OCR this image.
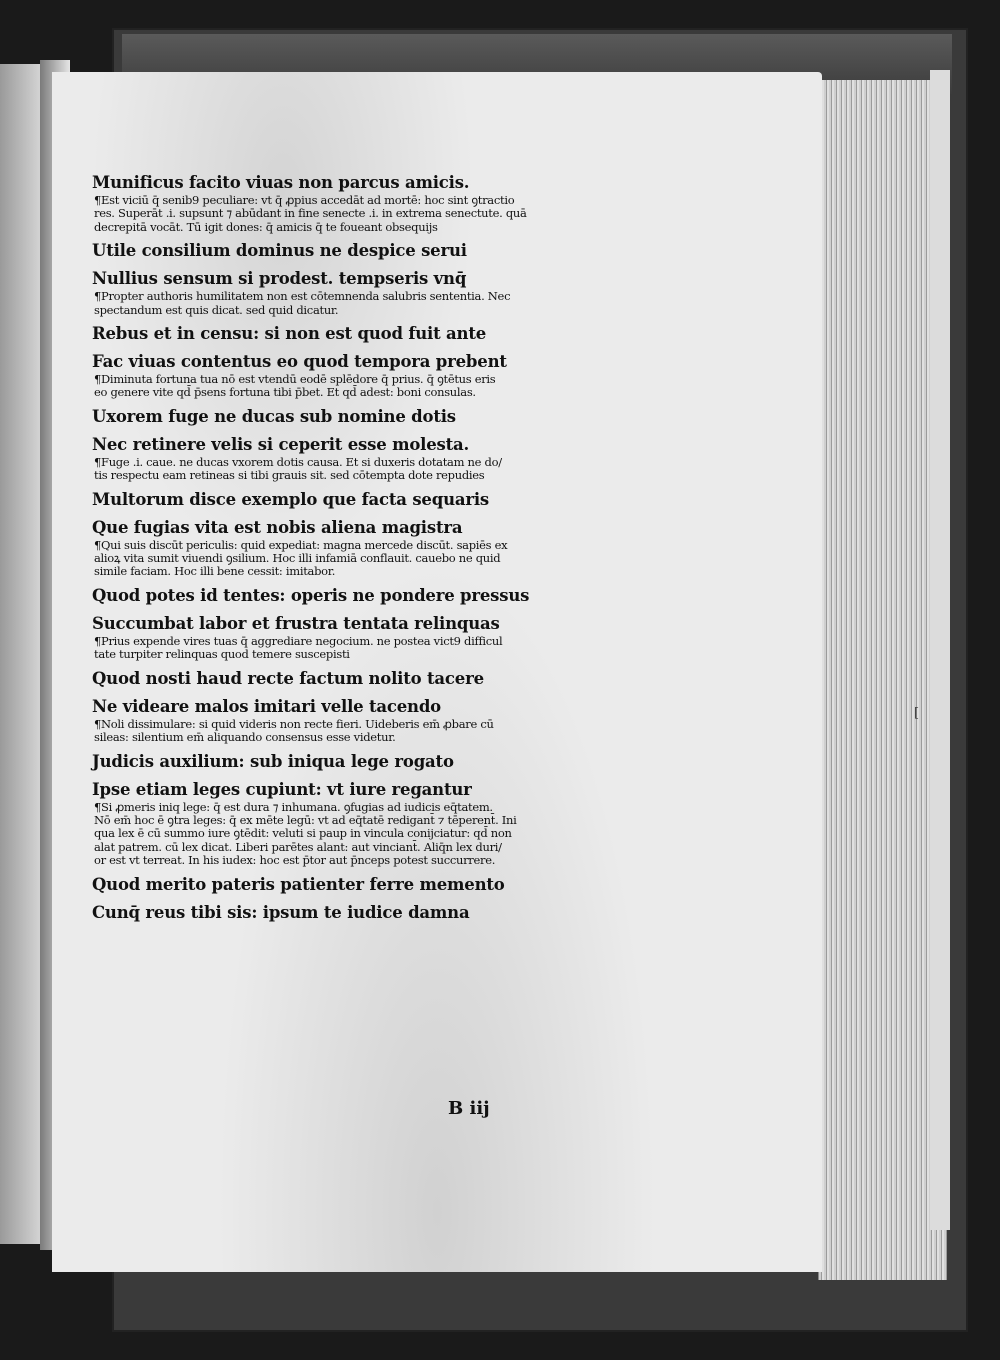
Munificus facito viuas non parcus amicis.
¶Est viciū q̄ senib9 peculiare: vt q̄ ꝓpius accedāt ad mortē: hoc sint ꝯtractio
res. Superāt .i. supsunt ⁊ abūdant in fine senecte .i. in extrema senectute. quā
decrepitā vocāt. Tū igit dones: q̄ amicis q̄ te foueant obsequijs
Utile consilium dominus ne despice serui
Nullius sensum si prodest. tempseris vnq̄
¶Propter authoris humilitatem non est cōtemnenda salubris sententia. Nec
spectandum est quis dicat. sed quid dicatur.
Rebus et in censu: si non est quod fuit ante
Fac viuas contentus eo quod tempora prebent
¶Diminuta fortuna tua nō est vtendū eodē splēdore q̄ prius. q̄ ꝯtētus eris
eo genere vite qd̄ p̄sens fortuna tibi p̄bet. Et qd̄ adest: boni consulas.
Uxorem fuge ne ducas sub nomine dotis
Nec retinere velis si ceperit esse molesta.
¶Fuge .i. caue. ne ducas vxorem dotis causa. Et si duxeris dotatam ne do/
tis respectu eam retineas si tibi grauis sit. sed cōtempta dote repudies
Multorum disce exemplo que facta sequaris
Que fugias vita est nobis aliena magistra
¶Qui suis discūt periculis: quid expediat: magna mercede discūt. sapiēs ex
alioꝝ vita sumit viuendi ꝯsilium. Hoc illi infamiā conflauit. cauebo ne quid
simile faciam. Hoc illi bene cessit: imitabor.
Quod potes id tentes: operis ne pondere pressus
Succumbat labor et frustra tentata relinquas
¶Prius expende vires tuas q̄ aggrediare negocium. ne postea vict9 difficul
tate turpiter relinquas quod temere suscepisti
Quod nosti haud recte factum nolito tacere
Ne videare malos imitari velle tacendo
¶Noli dissimulare: si quid videris non recte fieri. Uideberis em̄ ꝓbare cū
sileas: silentium em̄ aliquando consensus esse videtur.
Judicis auxilium: sub iniqua lege rogato
Ipse etiam leges cupiunt: vt iure regantur
¶Si ꝓmeris iniq lege: q̄ est dura ⁊ inhumana. ꝯfugias ad iudicis eq̄tatem.
Nō em̄ hoc ē ꝯtra leges: q̄ ex mēte legū: vt ad eq̄tatē redigant̄ ⁊ tēperent̄. Ini
qua lex ē cū summo iure ꝯtēdit: veluti si paup in vincula conijciatur: qd̄ non
alat patrem. cū lex dicat. Liberi parētes alant: aut vinciant̄. Aliq̄n lex duri/
or est vt terreat. In his iudex: hoc est p̄tor aut p̄nceps potest succurrere.
Quod merito pateris patienter ferre memento
Cunq̄ reus tibi sis: ipsum te iudice damna
B iij
[
